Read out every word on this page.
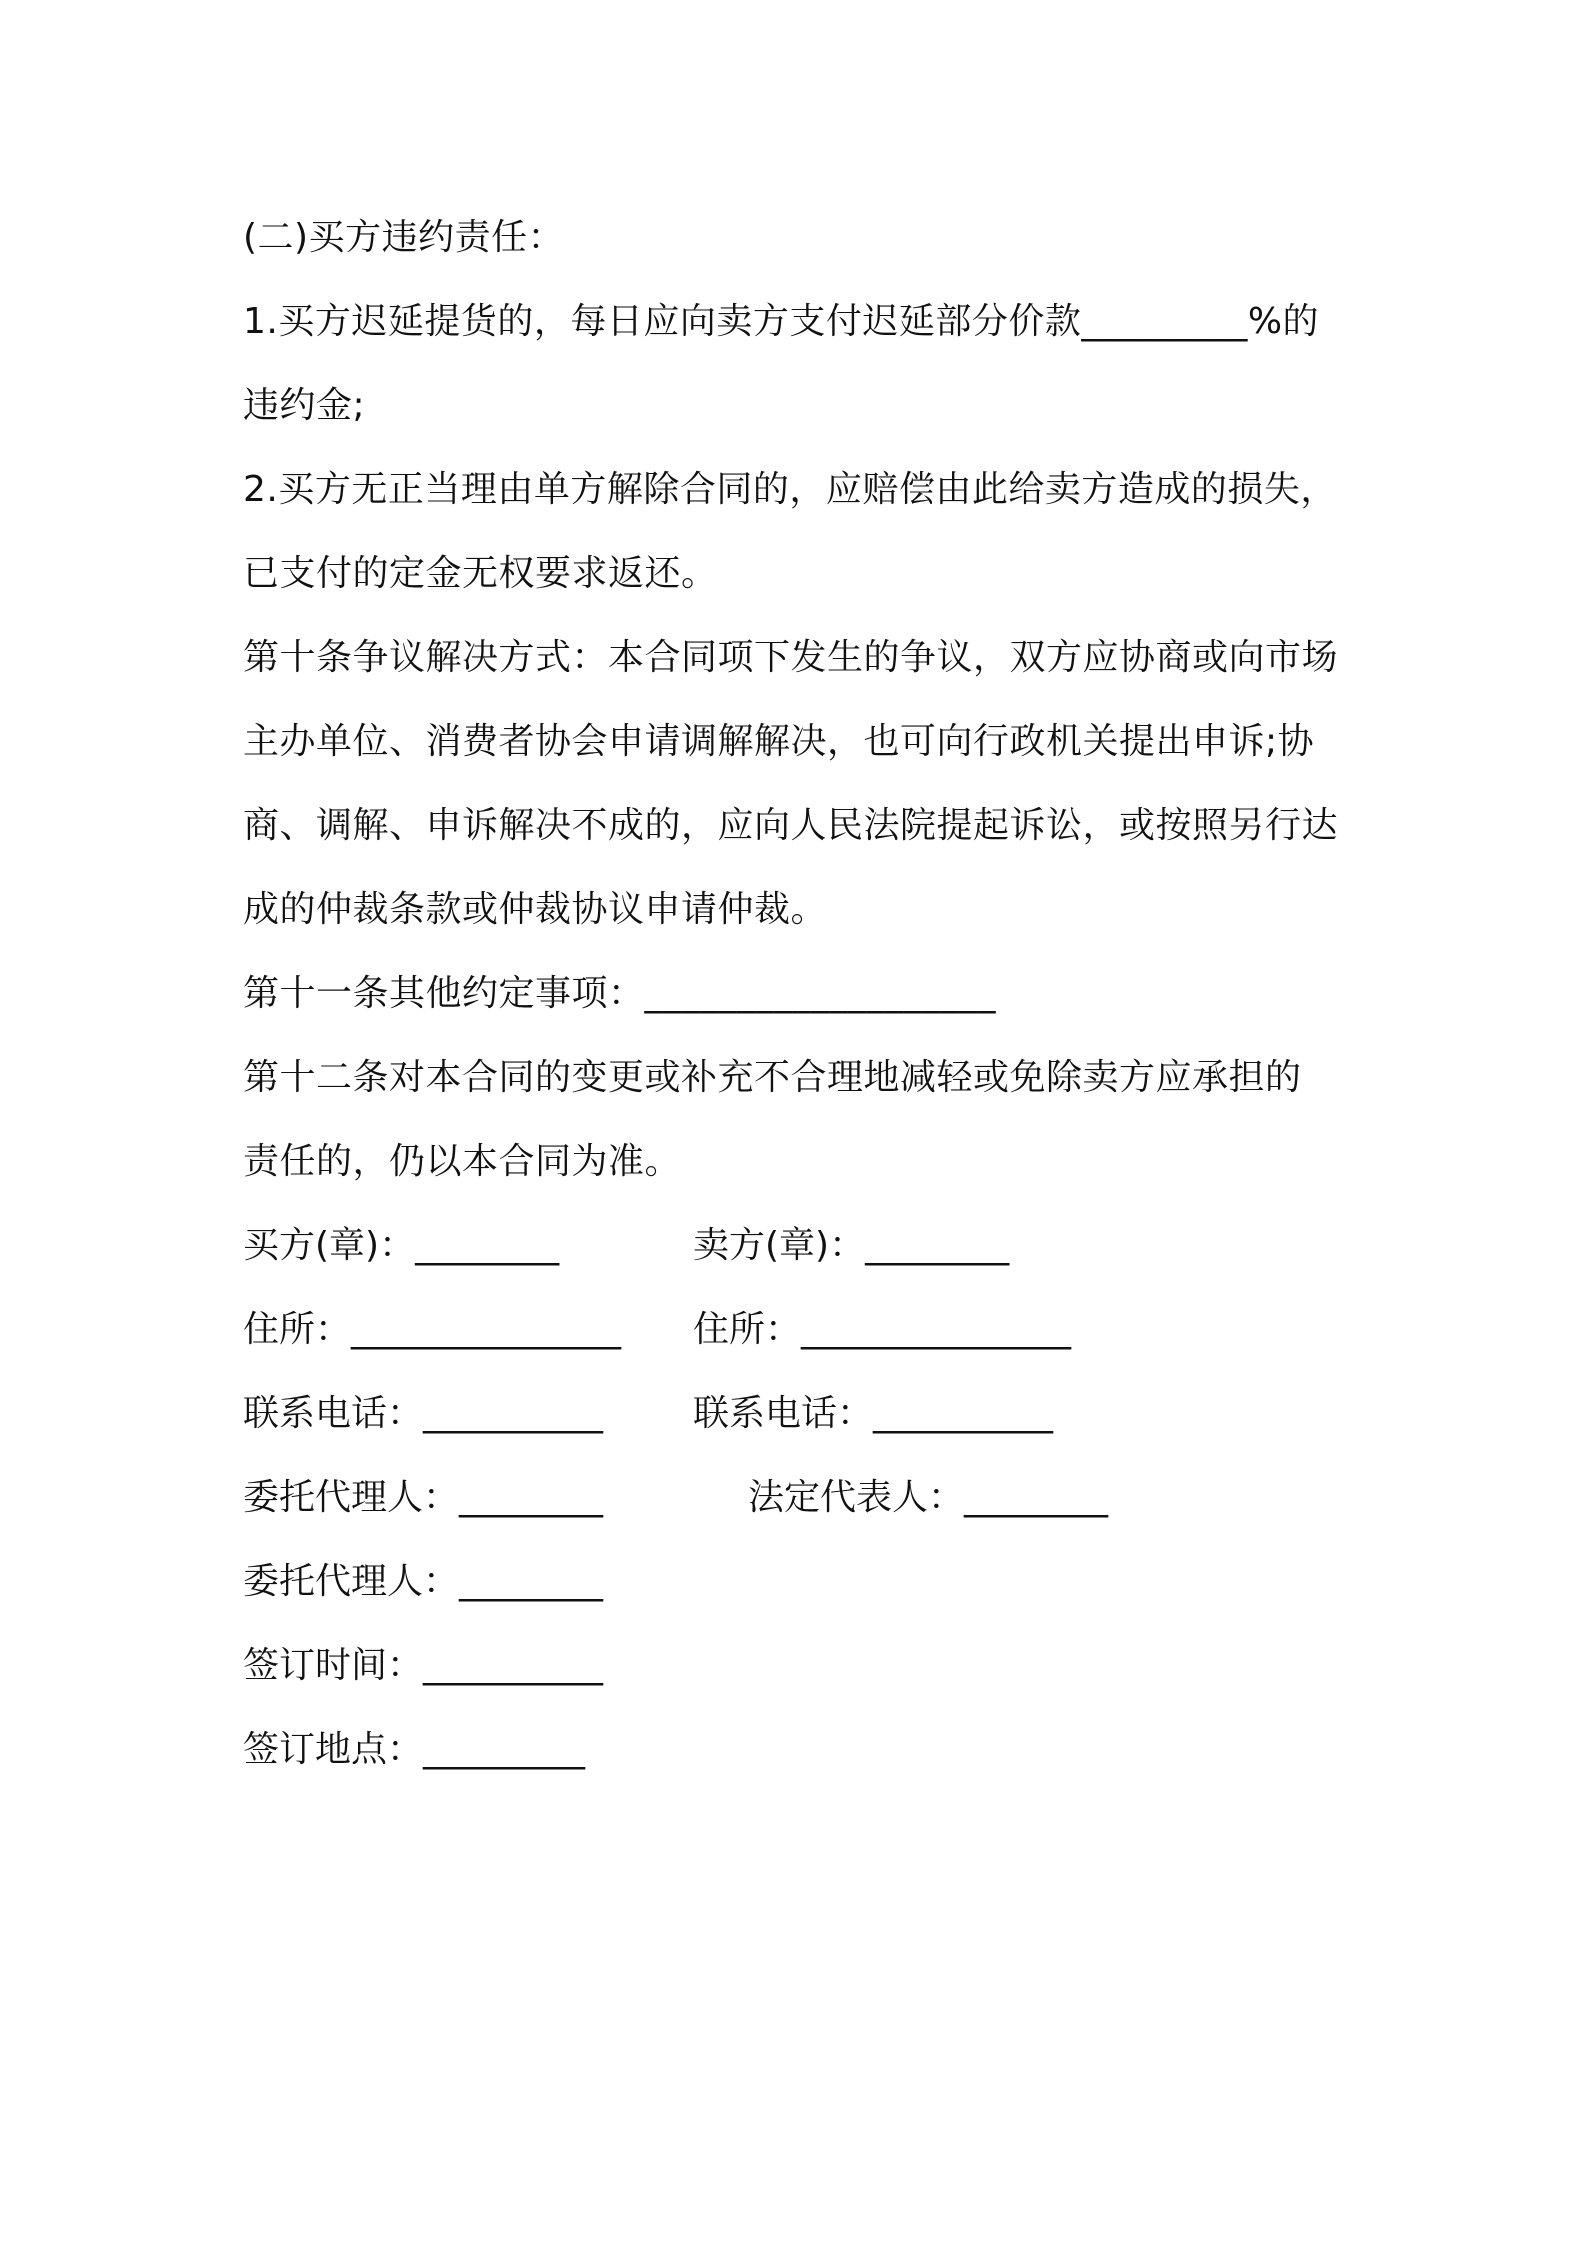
(二)买方违约责任：
1.买方迟延提货的，每日应向卖方支付迟延部分价款_________%的
违约金;
2.买方无正当理由单方解除合同的，应赔偿由此给卖方造成的损失，
已支付的定金无权要求返还。
第十条争议解决方式：本合同项下发生的争议，双方应协商或向市场
主办单位、消费者协会申请调解解决，也可向行政机关提出申诉;协
商、调解、申诉解决不成的，应向人民法院提起诉讼，或按照另行达
成的仲裁条款或仲裁协议申请仲裁。
第十一条其他约定事项：___________________
第十二条对本合同的变更或补充不合理地减轻或免除卖方应承担的
责任的，仍以本合同为准。
买方(章)：________	卖方(章)：________
住所：_______________ 住所：_______________
联系电话：__________ 联系电话：__________
委托代理人：________	法定代表人：________
委托代理人：________
签订时间：__________
签订地点：_________
